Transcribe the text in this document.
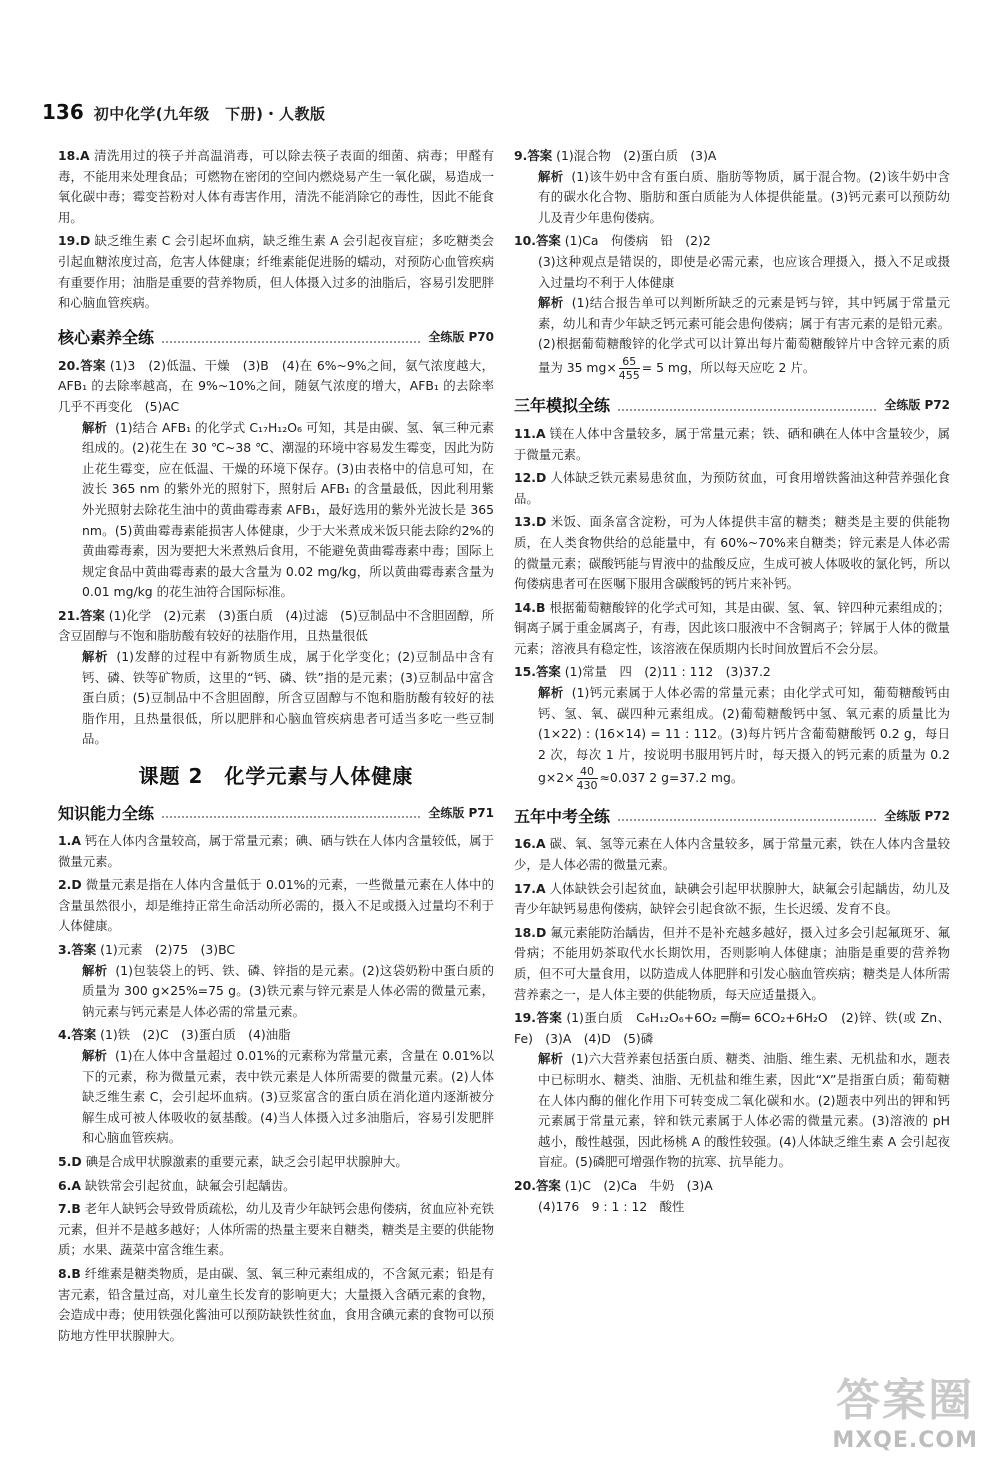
136 初中化学(九年级　下册)・人教版

18.A 清洗用过的筷子并高温消毒，可以除去筷子表面的细菌、病毒；甲醛有毒，不能用来处理食品；可燃物在密闭的空间内燃烧易产生一氧化碳，易造成一氧化碳中毒；霉变苔粉对人体有毒害作用，清洗不能消除它的毒性，因此不能食用。

19.D 缺乏维生素 C 会引起坏血病，缺乏维生素 A 会引起夜盲症；多吃糖类会引起血糖浓度过高，危害人体健康；纤维素能促进肠的蠕动，对预防心血管疾病有重要作用；油脂是重要的营养物质，但人体摄入过多的油脂后，容易引发肥胖和心脑血管疾病。

核心素养全练	全练版 P70

20.答案 (1)3　(2)低温、干燥　(3)B　(4)在 6%~9%之间，氨气浓度越大，AFB₁ 的去除率越高，在 9%~10%之间，随氨气浓度的增大，AFB₁ 的去除率几乎不再变化　(5)AC
解析 (1)结合 AFB₁ 的化学式 C₁₇H₁₂O₆ 可知，其是由碳、氢、氧三种元素组成的。(2)花生在 30 ℃~38 ℃、潮湿的环境中容易发生霉变，因此为防止花生霉变，应在低温、干燥的环境下保存。(3)由表格中的信息可知，在波长 365 nm 的紫外光的照射下，照射后 AFB₁ 的含量最低，因此利用紫外光照射去除花生油中的黄曲霉毒素 AFB₁，最好选用的紫外光波长是 365 nm。(5)黄曲霉毒素能损害人体健康，少于大米煮成米饭只能去除约2%的黄曲霉毒素，因为要把大米煮熟后食用，不能避免黄曲霉毒素中毒；国际上规定食品中黄曲霉毒素的最大含量为 0.02 mg/kg，所以黄曲霉毒素含量为 0.01 mg/kg 的花生油符合国际标准。

21.答案 (1)化学　(2)元素　(3)蛋白质　(4)过滤　(5)豆制品中不含胆固醇，所含豆固醇与不饱和脂肪酸有较好的祛脂作用，且热量很低
解析 (1)发酵的过程中有新物质生成，属于化学变化；(2)豆制品中含有钙、磷、铁等矿物质，这里的“钙、磷、铁”指的是元素；(3)豆制品中富含蛋白质；(5)豆制品中不含胆固醇，所含豆固醇与不饱和脂肪酸有较好的祛脂作用，且热量很低，所以肥胖和心脑血管疾病患者可适当多吃一些豆制品。

课题 2　化学元素与人体健康
知识能力全练	全练版 P71

1.A 钙在人体内含量较高，属于常量元素；碘、硒与铁在人体内含量较低，属于微量元素。

2.D 微量元素是指在人体内含量低于 0.01%的元素，一些微量元素在人体中的含量虽然很小，却是维持正常生命活动所必需的，摄入不足或摄入过量均不利于人体健康。

3.答案 (1)元素　(2)75　(3)BC
解析 (1)包装袋上的钙、铁、磷、锌指的是元素。(2)这袋奶粉中蛋白质的质量为 300 g×25%=75 g。(3)铁元素与锌元素是人体必需的微量元素，钠元素与钙元素是人体必需的常量元素。

4.答案 (1)铁　(2)C　(3)蛋白质　(4)油脂
解析 (1)在人体中含量超过 0.01%的元素称为常量元素，含量在 0.01%以下的元素，称为微量元素，表中铁元素是人体所需要的微量元素。(2)人体缺乏维生素 C，会引起坏血病。(3)豆浆富含的蛋白质在消化道内逐渐被分解生成可被人体吸收的氨基酸。(4)当人体摄入过多油脂后，容易引发肥胖和心脑血管疾病。

5.D 碘是合成甲状腺激素的重要元素，缺乏会引起甲状腺肿大。

6.A 缺铁常会引起贫血，缺氟会引起龋齿。

7.B 老年人缺钙会导致骨质疏松，幼儿及青少年缺钙会患佝偻病，贫血应补充铁元素，但并不是越多越好；人体所需的热量主要来自糖类，糖类是主要的供能物质；水果、蔬菜中富含维生素。

8.B 纤维素是糖类物质，是由碳、氢、氧三种元素组成的，不含氮元素；铅是有害元素，铅含量过高，对儿童生长发育的影响更大；大量摄入含硒元素的食物，会造成中毒；使用铁强化酱油可以预防缺铁性贫血，食用含碘元素的食物可以预防地方性甲状腺肿大。

9.答案 (1)混合物　(2)蛋白质　(3)A
解析 (1)该牛奶中含有蛋白质、脂肪等物质，属于混合物。(2)该牛奶中含有的碳水化合物、脂肪和蛋白质能为人体提供能量。(3)钙元素可以预防幼儿及青少年患佝偻病。

10.答案 (1)Ca　佝偻病　铅　(2)2
(3)这种观点是错误的，即使是必需元素，也应该合理摄入，摄入不足或摄入过量均不利于人体健康
解析 (1)结合报告单可以判断所缺乏的元素是钙与锌，其中钙属于常量元素，幼儿和青少年缺乏钙元素可能会患佝偻病；属于有害元素的是铅元素。(2)根据葡萄糖酸锌的化学式可以计算出每片葡萄糖酸锌片中含锌元素的质量为 35 $mg\times \frac{65}{455} = 5$ mg，所以每天应吃 2 片。

三年模拟全练	全练版 P72

11.A 镁在人体中含量较多，属于常量元素；铁、硒和碘在人体中含量较少，属于微量元素。

12.D 人体缺乏铁元素易患贫血，为预防贫血，可食用增铁酱油这种营养强化食品。

13.D 米饭、面条富含淀粉，可为人体提供丰富的糖类；糖类是主要的供能物质，在人类食物供给的总能量中，有 60%~70%来自糖类；锌元素是人体必需的微量元素；碳酸钙能与胃液中的盐酸反应，生成可被人体吸收的氯化钙，所以佝偻病患者可在医嘱下服用含碳酸钙的钙片来补钙。

14.B 根据葡萄糖酸锌的化学式可知，其是由碳、氢、氧、锌四种元素组成的；铜离子属于重金属离子，有毒，因此该口服液中不含铜离子；锌属于人体的微量元素；溶液具有稳定性，该溶液在保质期内长时间放置后不会分层。

15.答案 (1)常量　四　(2)11 : 112　(3)37.2
解析 (1)钙元素属于人体必需的常量元素；由化学式可知，葡萄糖酸钙由钙、氢、氧、碳四种元素组成。(2)葡萄糖酸钙中氢、氧元素的质量比为(1×22) : (16×14) = 11 : 112。(3)每片钙片含葡萄糖酸钙 0.2 g，每日 2 次，每次 1 片，按说明书服用钙片时，每天摄入的钙元素的质量为 0.2 $g\times 2\times \frac{40}{430} \approx 0.037$ 2 g=37.2 mg。

五年中考全练	全练版 P72

16.A 碳、氧、氢等元素在人体内含量较多，属于常量元素，铁在人体内含量较少，是人体必需的微量元素。

17.A 人体缺铁会引起贫血，缺碘会引起甲状腺肿大，缺氟会引起龋齿，幼儿及青少年缺钙易患佝偻病，缺锌会引起食欲不振，生长迟缓、发育不良。

18.D 氟元素能防治龋齿，但并不是补充越多越好，摄入过多会引起氟斑牙、氟骨病；不能用奶茶取代水长期饮用，否则影响人体健康；油脂是重要的营养物质，但不可大量食用，以防造成人体肥胖和引发心脑血管疾病；糖类是人体所需营养素之一，是人体主要的供能物质，每天应适量摄入。

19.答案 (1)蛋白质　C₆H₁₂O₆+6O₂ ═酶═ 6CO₂+6H₂O　(2)锌、铁(或 Zn、Fe)　(3)A　(4)D　(5)磷
解析 (1)六大营养素包括蛋白质、糖类、油脂、维生素、无机盐和水，题表中已标明水、糖类、油脂、无机盐和维生素，因此“X”是指蛋白质；葡萄糖在人体内酶的催化作用下可转变成二氧化碳和水。(2)题表中列出的钾和钙元素属于常量元素，锌和铁元素属于人体必需的微量元素。(3)溶液的 pH 越小，酸性越强，因此杨桃 A 的酸性较强。(4)人体缺乏维生素 A 会引起夜盲症。(5)磷肥可增强作物的抗寒、抗旱能力。

20.答案 (1)C　(2)Ca　牛奶　(3)A
(4)176　9 : 1 : 12　酸性

答案圈
MXQE.COM
